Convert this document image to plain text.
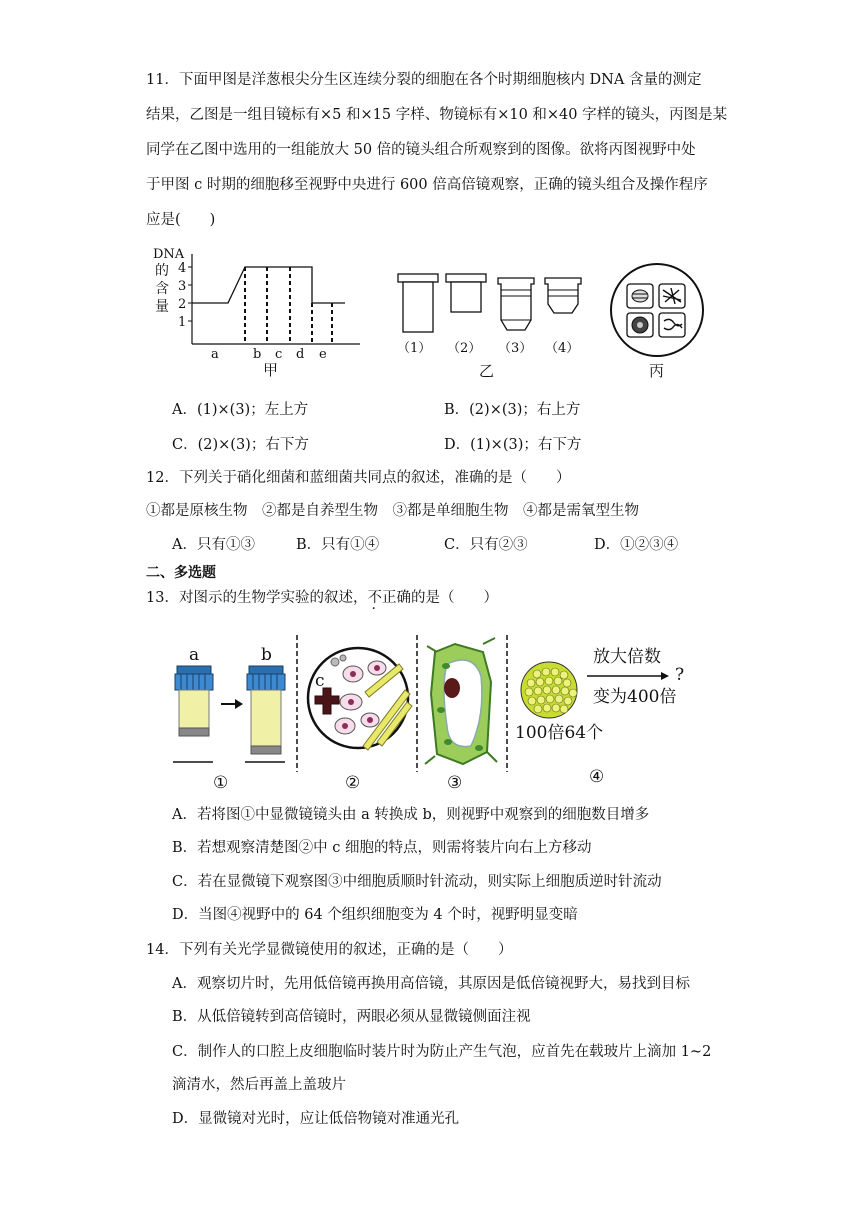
11．下面甲图是洋葱根尖分生区连续分裂的细胞在各个时期细胞核内 DNA 含量的测定
结果，乙图是一组目镜标有×5 和×15 字样、物镜标有×10 和×40 字样的镜头，丙图是某
同学在乙图中选用的一组能放大 50 倍的镜头组合所观察到的图像。欲将丙图视野中处
于甲图 c 时期的细胞移至视野中央进行 600 倍高倍镜观察，正确的镜头组合及操作程序
应是(　　)
DNA
的
含
量
4
3
2
1
a	b c d e
甲
（1） （2） （3） （4）
乙	丙
A．(1)×(3)；左上方	B．(2)×(3)；右上方
C．(2)×(3)；右下方	D．(1)×(3)；右下方
12．下列关于硝化细菌和蓝细菌共同点的叙述，准确的是（　　）
①都是原核生物　②都是自养型生物　③都是单细胞生物　④都是需氧型生物
A．只有①③	B．只有①④	C．只有②③	D．①②③④
二、多选题
13．对图示的生物学实验的叙述，不正确的是（　　）
a	b
①
c
②	③
放大倍数
?
变为400倍
100倍64个
④
A．若将图①中显微镜镜头由 a 转换成 b，则视野中观察到的细胞数目增多
B．若想观察清楚图②中 c 细胞的特点，则需将装片向右上方移动
C．若在显微镜下观察图③中细胞质顺时针流动，则实际上细胞质逆时针流动
D．当图④视野中的 64 个组织细胞变为 4 个时，视野明显变暗
14．下列有关光学显微镜使用的叙述，正确的是（　　）
A．观察切片时，先用低倍镜再换用高倍镜，其原因是低倍镜视野大，易找到目标
B．从低倍镜转到高倍镜时，两眼必须从显微镜侧面注视
C．制作人的口腔上皮细胞临时装片时为防止产生气泡，应首先在载玻片上滴加 1~2
滴清水，然后再盖上盖玻片
D．显微镜对光时，应让低倍物镜对准通光孔
